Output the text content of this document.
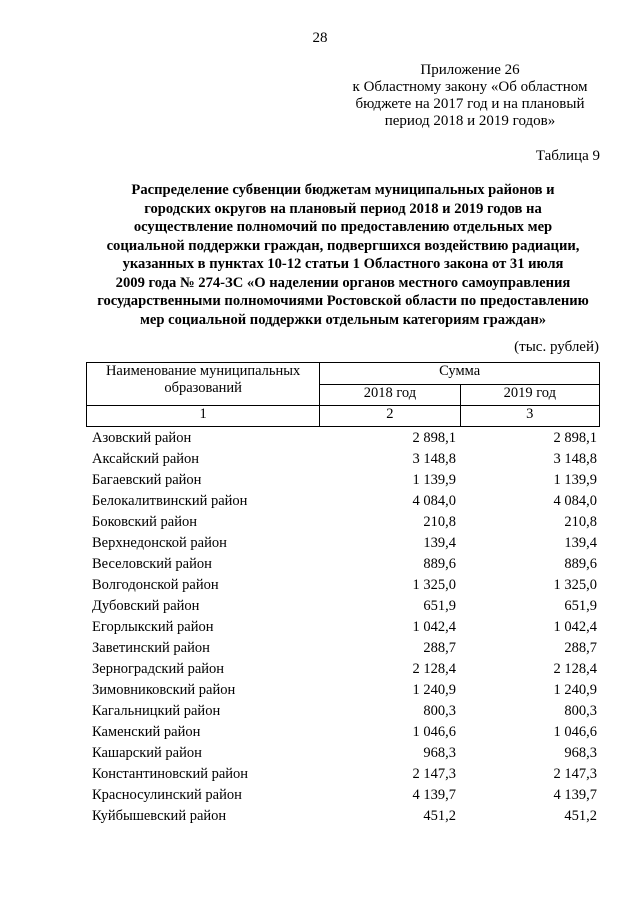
28
Приложение 26
к Областному закону «Об областном
бюджете на 2017 год и на плановый
период 2018 и 2019 годов»
Таблица 9
Распределение субвенции бюджетам муниципальных районов и
городских округов на плановый период 2018 и 2019 годов на
осуществление полномочий по предоставлению отдельных мер
социальной поддержки граждан, подвергшихся воздействию радиации,
указанных в пунктах 10-12 статьи 1 Областного закона от 31 июля
2009 года № 274-ЗС «О наделении органов местного самоуправления
государственными полномочиями Ростовской области по предоставлению
мер социальной поддержки отдельным категориям граждан»
(тыс. рублей)
Наименование муниципальных
образований	Сумма	
	2018 год	2019 год
1	2	3
Азовский район	2 898,1	2 898,1
Аксайский район	3 148,8	3 148,8
Багаевский район	1 139,9	1 139,9
Белокалитвинский район	4 084,0	4 084,0
Боковский район	210,8	210,8
Верхнедонской район	139,4	139,4
Веселовский район	889,6	889,6
Волгодонской район	1 325,0	1 325,0
Дубовский район	651,9	651,9
Егорлыкский район	1 042,4	1 042,4
Заветинский район	288,7	288,7
Зерноградский район	2 128,4	2 128,4
Зимовниковский район	1 240,9	1 240,9
Кагальницкий район	800,3	800,3
Каменский район	1 046,6	1 046,6
Кашарский район	968,3	968,3
Константиновский район	2 147,3	2 147,3
Красносулинский район	4 139,7	4 139,7
Куйбышевский район	451,2	451,2
